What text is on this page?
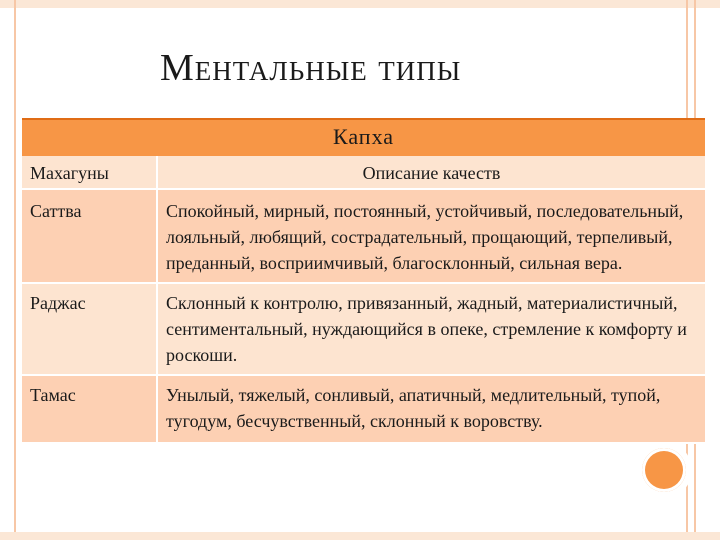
Ментальные типы
Капха
Махагуны	Описание качеств
Саттва	Спокойный, мирный, постоянный, устойчивый, последовательный, лояльный, любящий, сострадательный, прощающий, терпеливый, преданный, восприимчивый, благосклонный, сильная вера.
Раджас	Склонный к контролю, привязанный, жадный, материалистичный, сентиментальный, нуждающийся в опеке, стремление к комфорту и роскоши.
Тамас	Унылый, тяжелый, сонливый, апатичный, медлительный, тупой, тугодум, бесчувственный, склонный к воровству.
